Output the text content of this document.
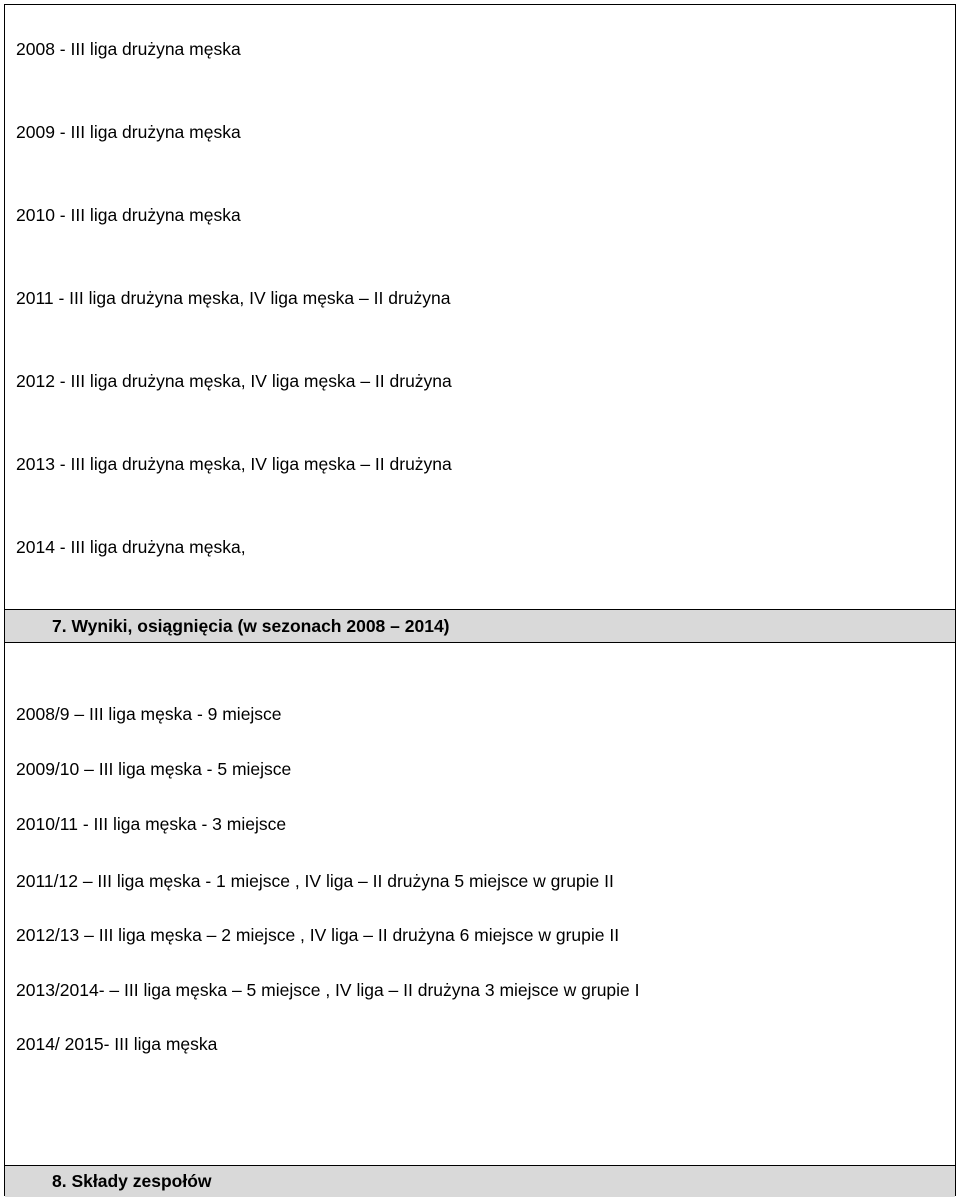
2008 - III liga drużyna męska
2009 - III liga drużyna męska
2010 - III liga drużyna męska
2011 - III liga drużyna męska, IV liga męska – II drużyna
2012 - III liga drużyna męska, IV liga męska – II drużyna
2013 - III liga drużyna męska, IV liga męska – II drużyna
2014 - III liga drużyna męska,
7. Wyniki, osiągnięcia (w sezonach 2008 – 2014)
2008/9 – III liga męska - 9 miejsce
2009/10 – III liga męska - 5 miejsce
2010/11 - III liga męska - 3 miejsce
2011/12 – III liga męska - 1 miejsce , IV liga – II drużyna 5 miejsce w grupie II
2012/13 – III liga męska – 2 miejsce , IV liga – II drużyna 6 miejsce w grupie II
2013/2014- – III liga męska – 5 miejsce , IV liga – II drużyna 3 miejsce w grupie I
2014/ 2015- III liga męska
8. Składy zespołów
